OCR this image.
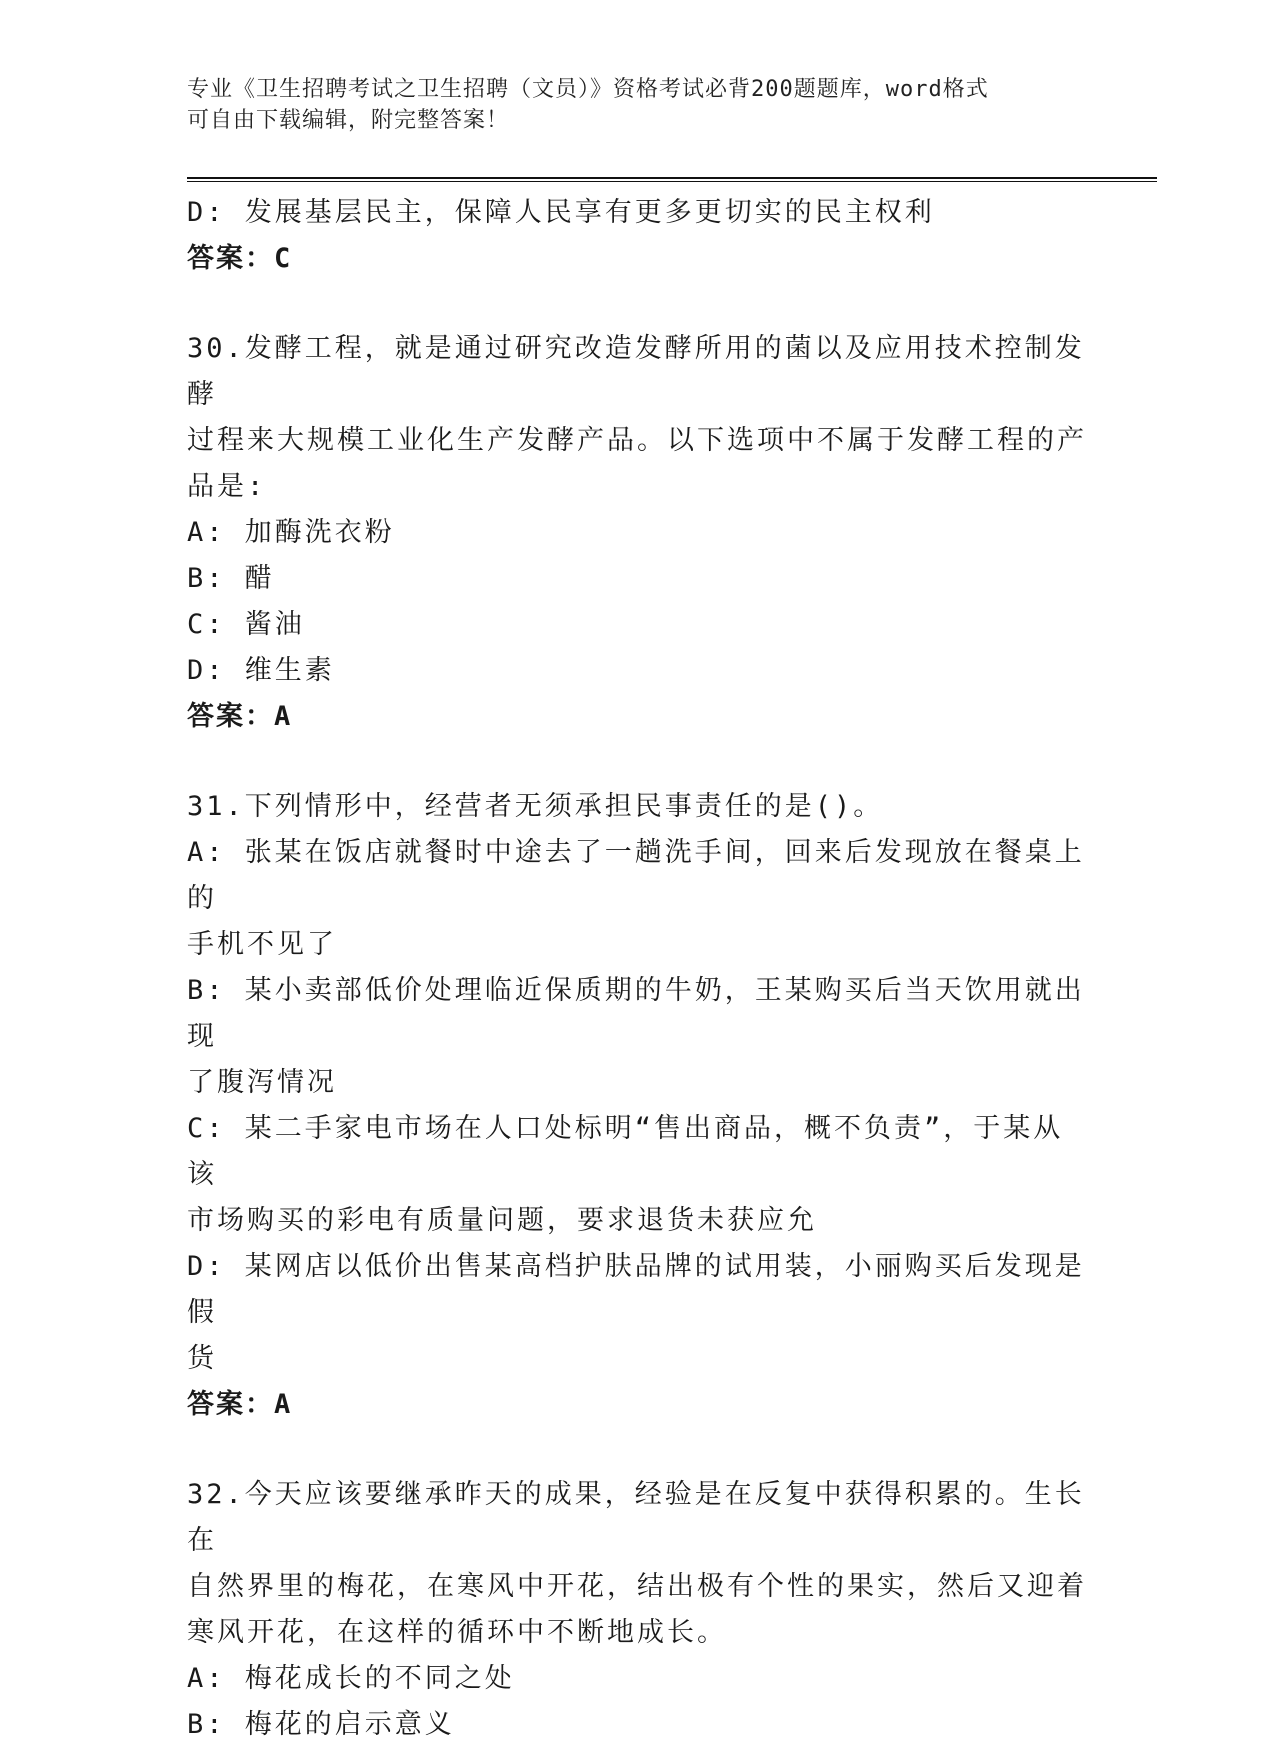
专业《卫生招聘考试之卫生招聘（文员）》资格考试必背200题题库，word格式
可自由下载编辑，附完整答案！
D: 发展基层民主，保障人民享有更多更切实的民主权利
答案：C
30.发酵工程，就是通过研究改造发酵所用的菌以及应用技术控制发酵
过程来大规模工业化生产发酵产品。以下选项中不属于发酵工程的产
品是:
A: 加酶洗衣粉
B: 醋
C: 酱油
D: 维生素
答案：A
31.下列情形中，经营者无须承担民事责任的是()。
A: 张某在饭店就餐时中途去了一趟洗手间，回来后发现放在餐桌上的
手机不见了
B: 某小卖部低价处理临近保质期的牛奶，王某购买后当天饮用就出现
了腹泻情况
C: 某二手家电市场在人口处标明“售出商品，概不负责”，于某从该
市场购买的彩电有质量问题，要求退货未获应允
D: 某网店以低价出售某高档护肤品牌的试用装，小丽购买后发现是假
货
答案：A
32.今天应该要继承昨天的成果，经验是在反复中获得积累的。生长在
自然界里的梅花，在寒风中开花，结出极有个性的果实，然后又迎着
寒风开花，在这样的循环中不断地成长。
A: 梅花成长的不同之处
B: 梅花的启示意义
